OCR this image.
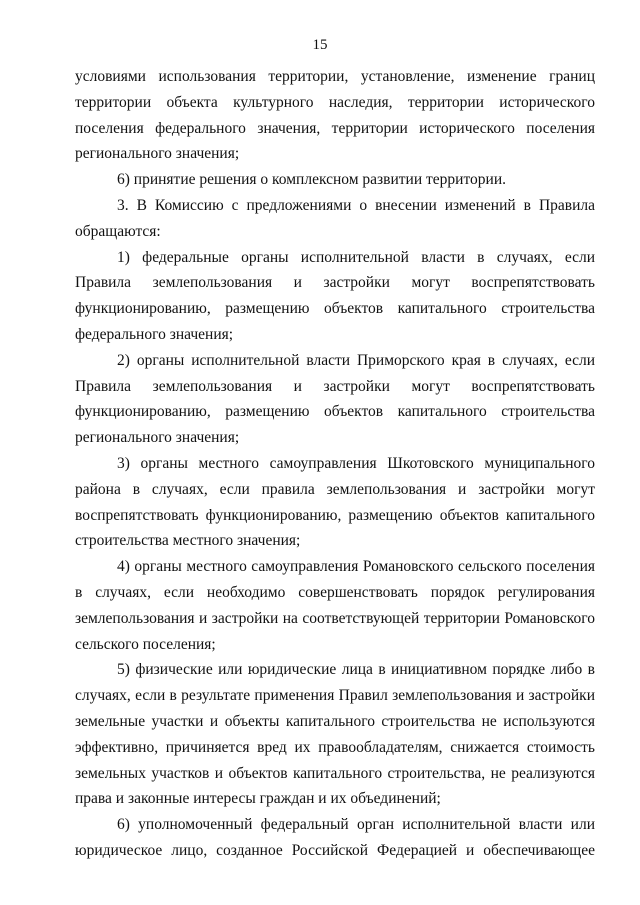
15

условиями использования территории, установление, изменение границ территории объекта культурного наследия, территории исторического поселения федерального значения, территории исторического поселения регионального значения;

6) принятие решения о комплексном развитии территории.

3. В Комиссию с предложениями о внесении изменений в Правила обращаются:

1) федеральные органы исполнительной власти в случаях, если Правила землепользования и застройки могут воспрепятствовать функционированию, размещению объектов капитального строительства федерального значения;

2) органы исполнительной власти Приморского края в случаях, если Правила землепользования и застройки могут воспрепятствовать функционированию, размещению объектов капитального строительства регионального значения;

3) органы местного самоуправления Шкотовского муниципального района в случаях, если правила землепользования и застройки могут воспрепятствовать функционированию, размещению объектов капитального строительства местного значения;

4) органы местного самоуправления Романовского сельского поселения в случаях, если необходимо совершенствовать порядок регулирования землепользования и застройки на соответствующей территории Романовского сельского поселения;

5) физические или юридические лица в инициативном порядке либо в случаях, если в результате применения Правил землепользования и застройки земельные участки и объекты капитального строительства не используются эффективно, причиняется вред их правообладателям, снижается стоимость земельных участков и объектов капитального строительства, не реализуются права и законные интересы граждан и их объединений;

6) уполномоченный федеральный орган исполнительной власти или юридическое лицо, созданное Российской Федерацией и обеспечивающее
